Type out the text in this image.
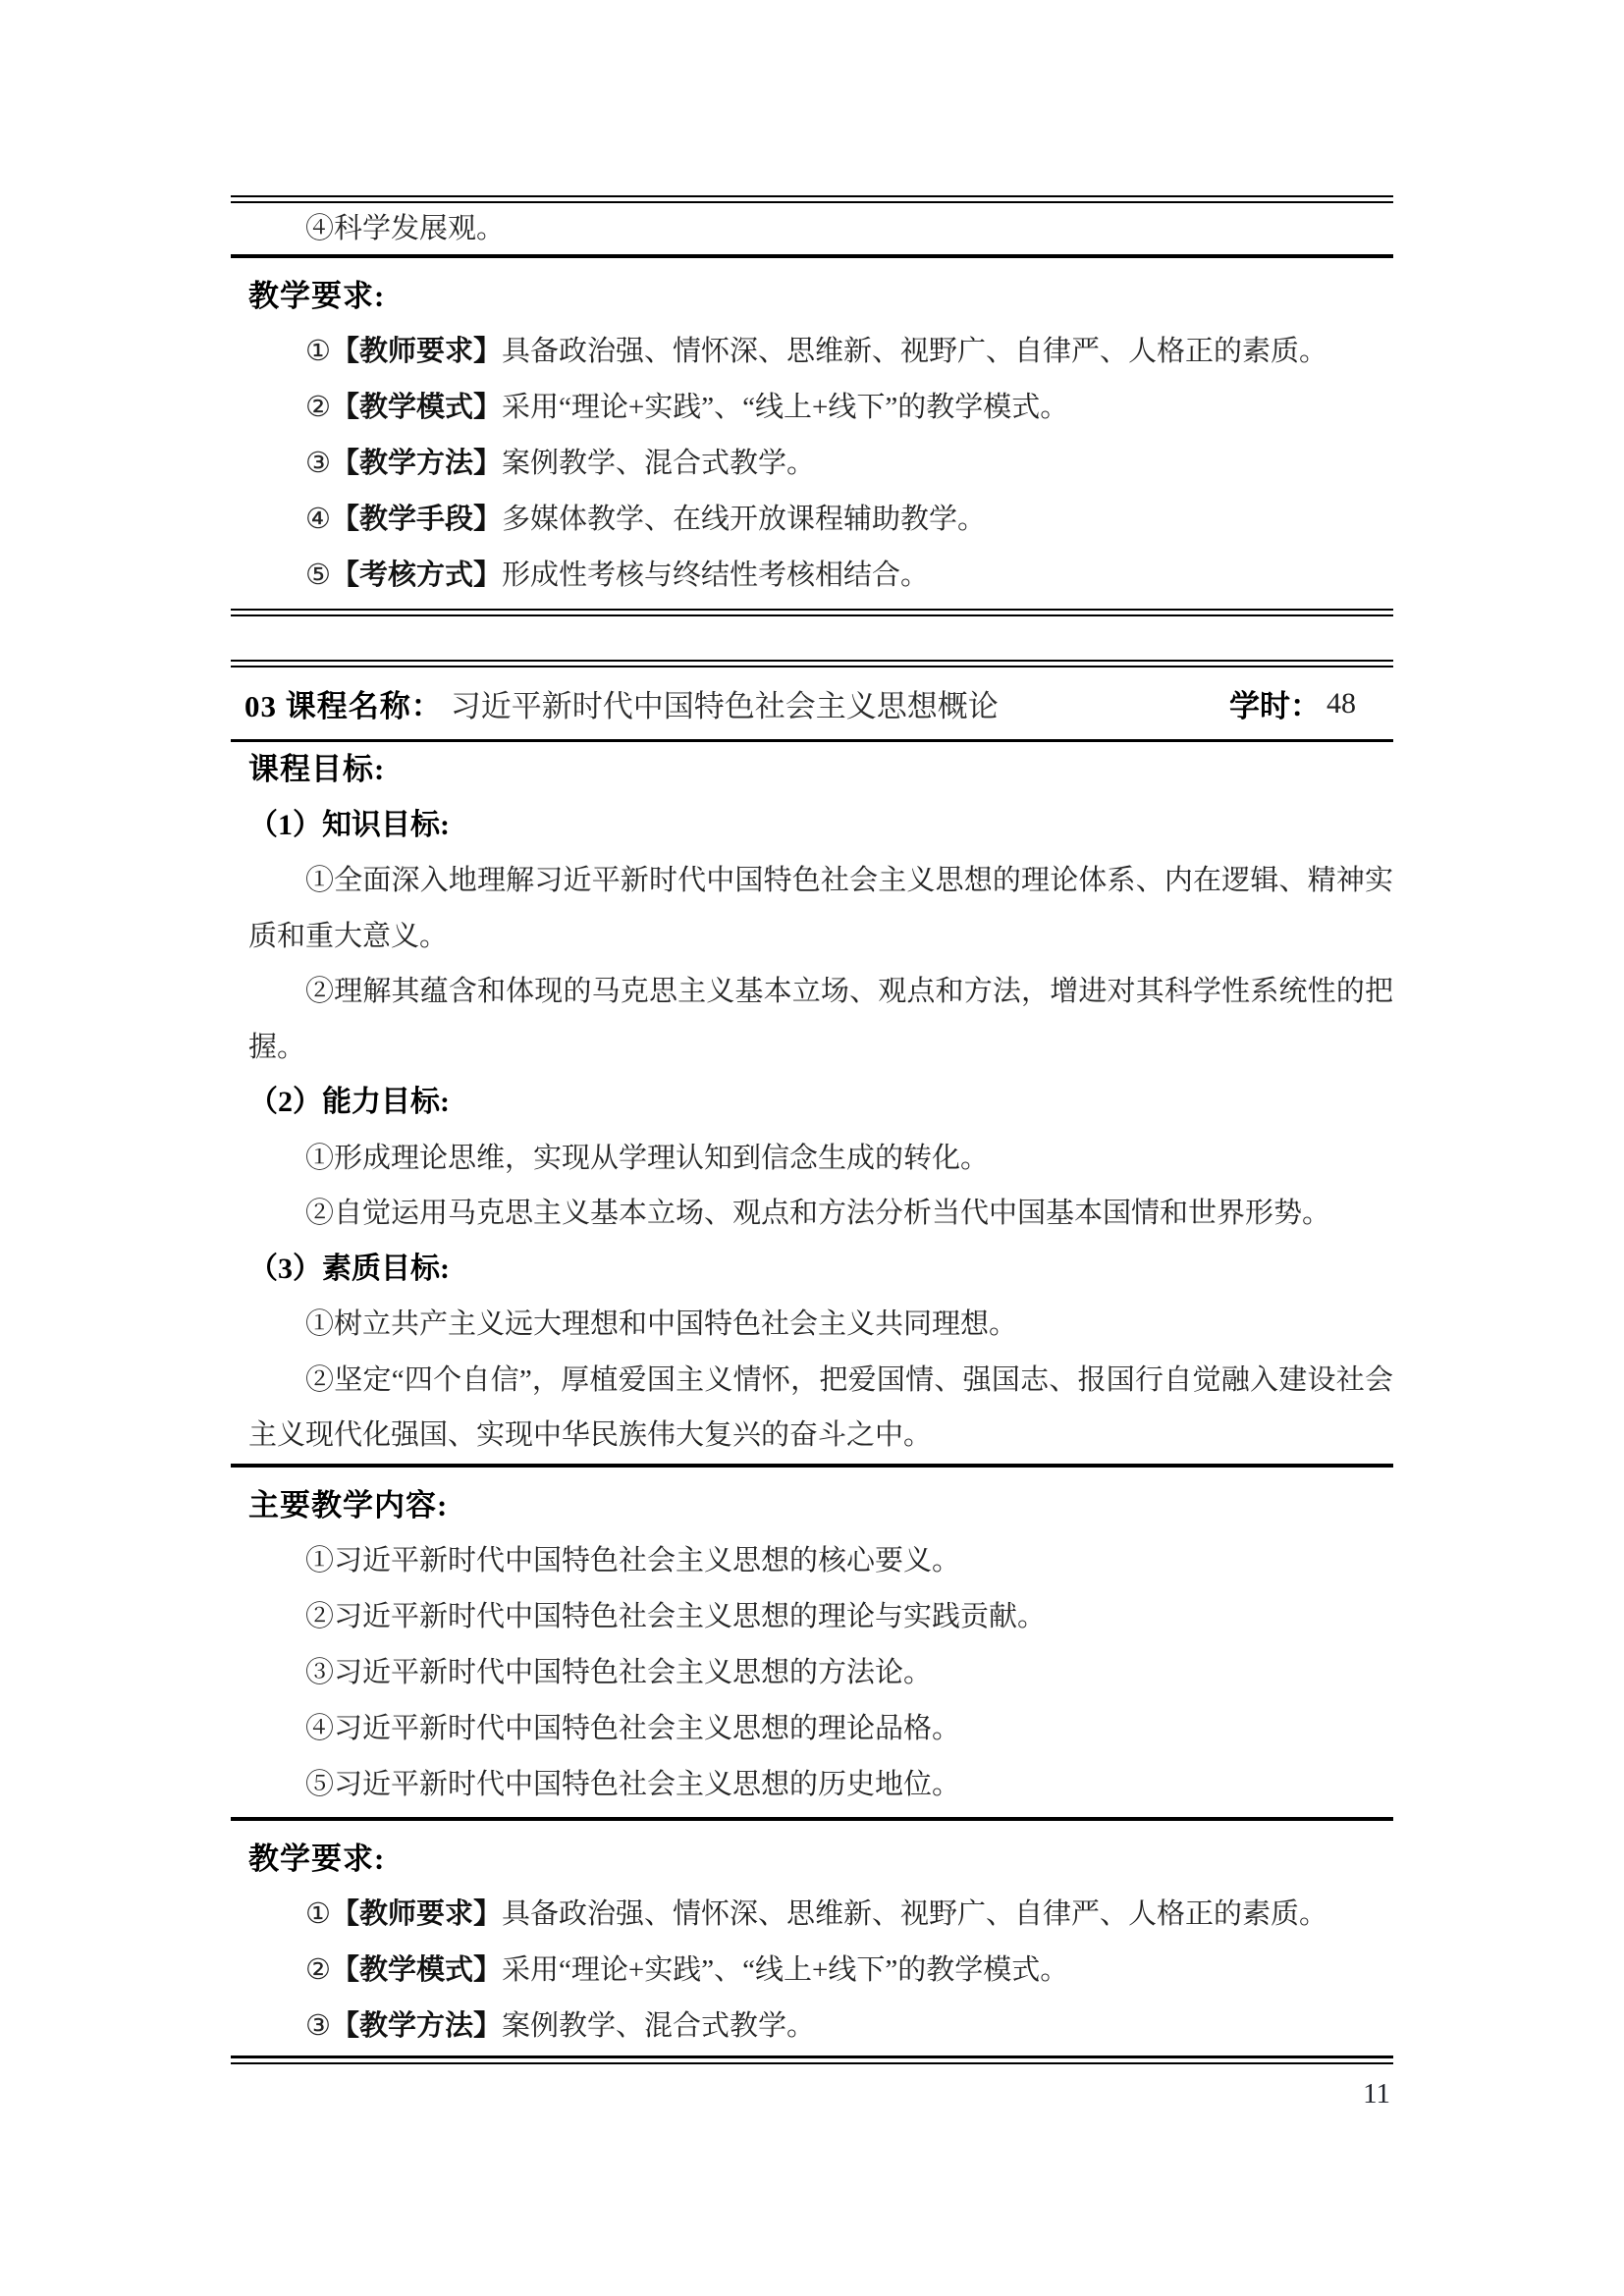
④科学发展观。

教学要求:

①【教师要求】具备政治强、情怀深、思维新、视野广、自律严、人格正的素质。

②【教学模式】采用“理论+实践”、“线上+线下”的教学模式。

③【教学方法】案例教学、混合式教学。

④【教学手段】多媒体教学、在线开放课程辅助教学。

⑤【考核方式】形成性考核与终结性考核相结合。

03 课程名称： 习近平新时代中国特色社会主义思想概论	学时： 48

课程目标:

（1）知识目标:

①全面深入地理解习近平新时代中国特色社会主义思想的理论体系、内在逻辑、精神实质和重大意义。

②理解其蕴含和体现的马克思主义基本立场、观点和方法，增进对其科学性系统性的把握。

（2）能力目标:

①形成理论思维，实现从学理认知到信念生成的转化。

②自觉运用马克思主义基本立场、观点和方法分析当代中国基本国情和世界形势。

（3）素质目标:

①树立共产主义远大理想和中国特色社会主义共同理想。

②坚定“四个自信”，厚植爱国主义情怀，把爱国情、强国志、报国行自觉融入建设社会主义现代化强国、实现中华民族伟大复兴的奋斗之中。

主要教学内容:

①习近平新时代中国特色社会主义思想的核心要义。

②习近平新时代中国特色社会主义思想的理论与实践贡献。

③习近平新时代中国特色社会主义思想的方法论。

④习近平新时代中国特色社会主义思想的理论品格。

⑤习近平新时代中国特色社会主义思想的历史地位。

教学要求:

①【教师要求】具备政治强、情怀深、思维新、视野广、自律严、人格正的素质。

②【教学模式】采用“理论+实践”、“线上+线下”的教学模式。

③【教学方法】案例教学、混合式教学。

11
